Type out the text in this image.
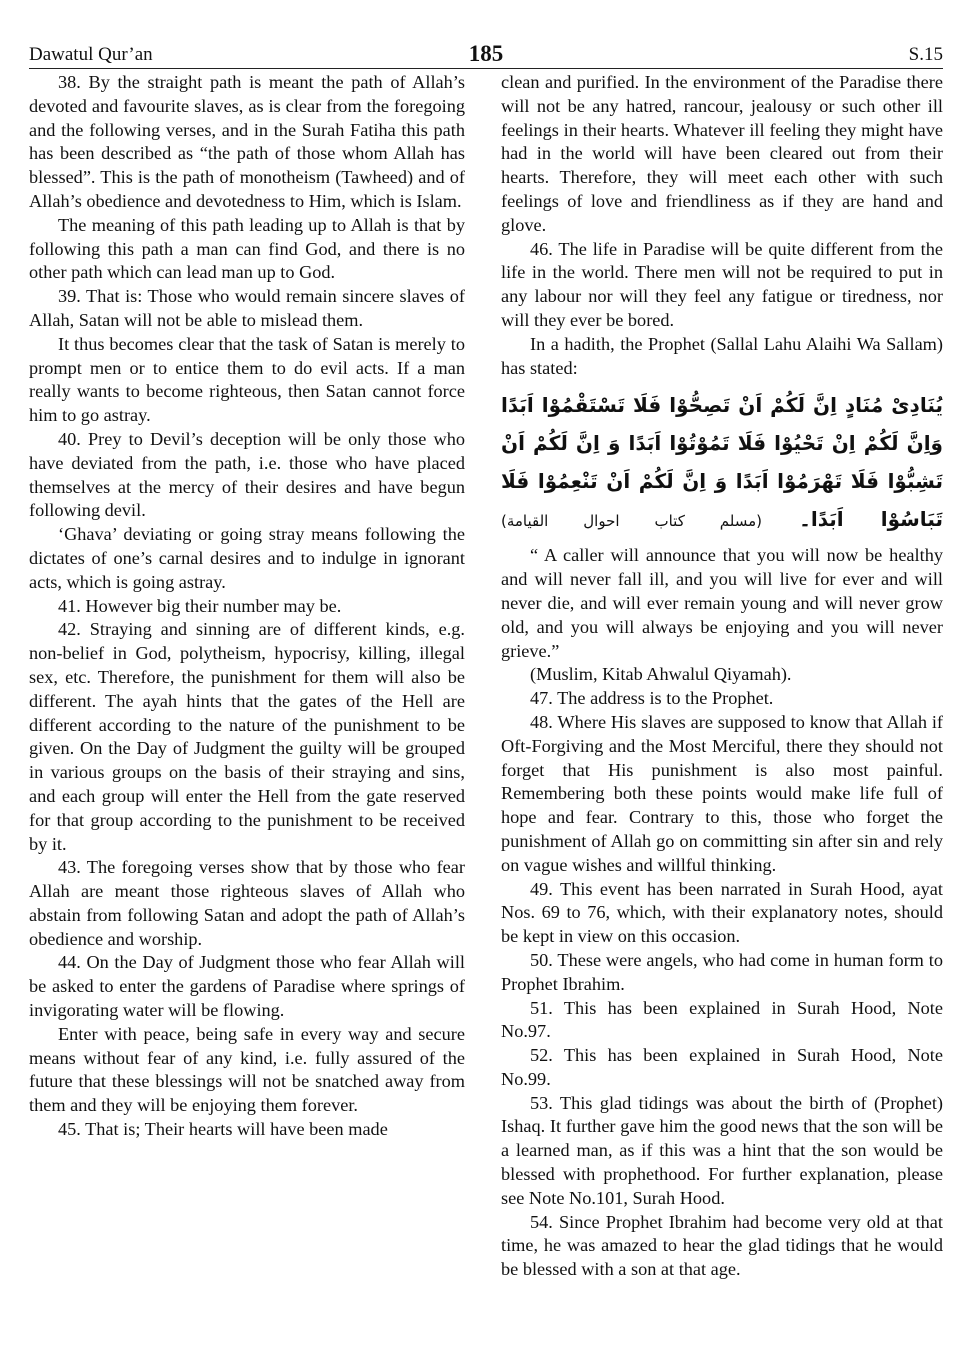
Dawatul Qur’an	185	S.15

38. By the straight path is meant the path of Allah’s devoted and favourite slaves, as is clear from the foregoing and the following verses, and in the Surah Fatiha this path has been described as “the path of those whom Allah has blessed”. This is the path of monotheism (Tawheed) and of Allah’s obedience and devotedness to Him, which is Islam.

The meaning of this path leading up to Allah is that by following this path a man can find God, and there is no other path which can lead man up to God.

39. That is: Those who would remain sincere slaves of Allah, Satan will not be able to mislead them.

It thus becomes clear that the task of Satan is merely to prompt men or to entice them to do evil acts. If a man really wants to become righteous, then Satan cannot force him to go astray.

40. Prey to Devil’s deception will be only those who have deviated from the path, i.e. those who have placed themselves at the mercy of their desires and have begun following devil.

‘Ghava’ deviating or going stray means following the dictates of one’s carnal desires and to indulge in ignorant acts, which is going astray.

41. However big their number may be.

42. Straying and sinning are of different kinds, e.g. non-belief in God, polytheism, hypocrisy, killing, illegal sex, etc. Therefore, the punishment for them will also be different. The ayah hints that the gates of the Hell are different according to the nature of the punishment to be given. On the Day of Judgment the guilty will be grouped in various groups on the basis of their straying and sins, and each group will enter the Hell from the gate reserved for that group according to the punishment to be received by it.

43. The foregoing verses show that by those who fear Allah are meant those righteous slaves of Allah who abstain from following Satan and adopt the path of Allah’s obedience and worship.

44. On the Day of Judgment those who fear Allah will be asked to enter the gardens of Paradise where springs of invigorating water will be flowing.

Enter with peace, being safe in every way and secure means without fear of any kind, i.e. fully assured of the future that these blessings will not be snatched away from them and they will be enjoying them forever.

45. That is; Their hearts will have been made

clean and purified. In the environment of the Paradise there will not be any hatred, rancour, jealousy or such other ill feelings in their hearts. Whatever ill feeling they might have had in the world will have been cleared out from their hearts. Therefore, they will meet each other with such feelings of love and friendliness as if they are hand and glove.

46. The life in Paradise will be quite different from the life in the world. There men will not be required to put in any labour nor will they feel any fatigue or tiredness, nor will they ever be bored.

In a hadith, the Prophet (Sallal Lahu Alaihi Wa Sallam) has stated:

يُنَادِىْ مُنَادٍ اِنَّ لَكُمْ اَنْ تَصِحُّوْا فَلَا تَسْتَقْمُوْا اَبَدًا وَاِنَّ لَكُمْ اِنْ تَحْيُوْا فَلَا تَمُوْتُوْا اَبَدًا وَ اِنَّ لَكُمْ اَنْ تَشِبُّوْا فَلَا تَهْرَمُوْا اَبَدًا وَ اِنَّ لَكُمْ اَنْ تَنْعِمُوْا فَلَا تَبَاسُوْا اَبَدًا۔ (مسلم کتاب احوال القیامة)

“ A caller will announce that you will now be healthy and will never fall ill, and you will live for ever and will never die, and will ever remain young and will never grow old, and you will always be enjoying and you will never grieve.”

(Muslim, Kitab Ahwalul Qiyamah).

47. The address is to the Prophet.

48. Where His slaves are supposed to know that Allah if Oft-Forgiving and the Most Merciful, there they should not forget that His punishment is also most painful. Remembering both these points would make life full of hope and fear. Contrary to this, those who forget the punishment of Allah go on committing sin after sin and rely on vague wishes and willful thinking.

49. This event has been narrated in Surah Hood, ayat Nos. 69 to 76, which, with their explanatory notes, should be kept in view on this occasion.

50. These were angels, who had come in human form to Prophet Ibrahim.

51. This has been explained in Surah Hood, Note No.97.

52. This has been explained in Surah Hood, Note No.99.

53. This glad tidings was about the birth of (Prophet) Ishaq. It further gave him the good news that the son will be a learned man, as if this was a hint that the son would be blessed with prophethood. For further explanation, please see Note No.101, Surah Hood.

54. Since Prophet Ibrahim had become very old at that time, he was amazed to hear the glad tidings that he would be blessed with a son at that age.
